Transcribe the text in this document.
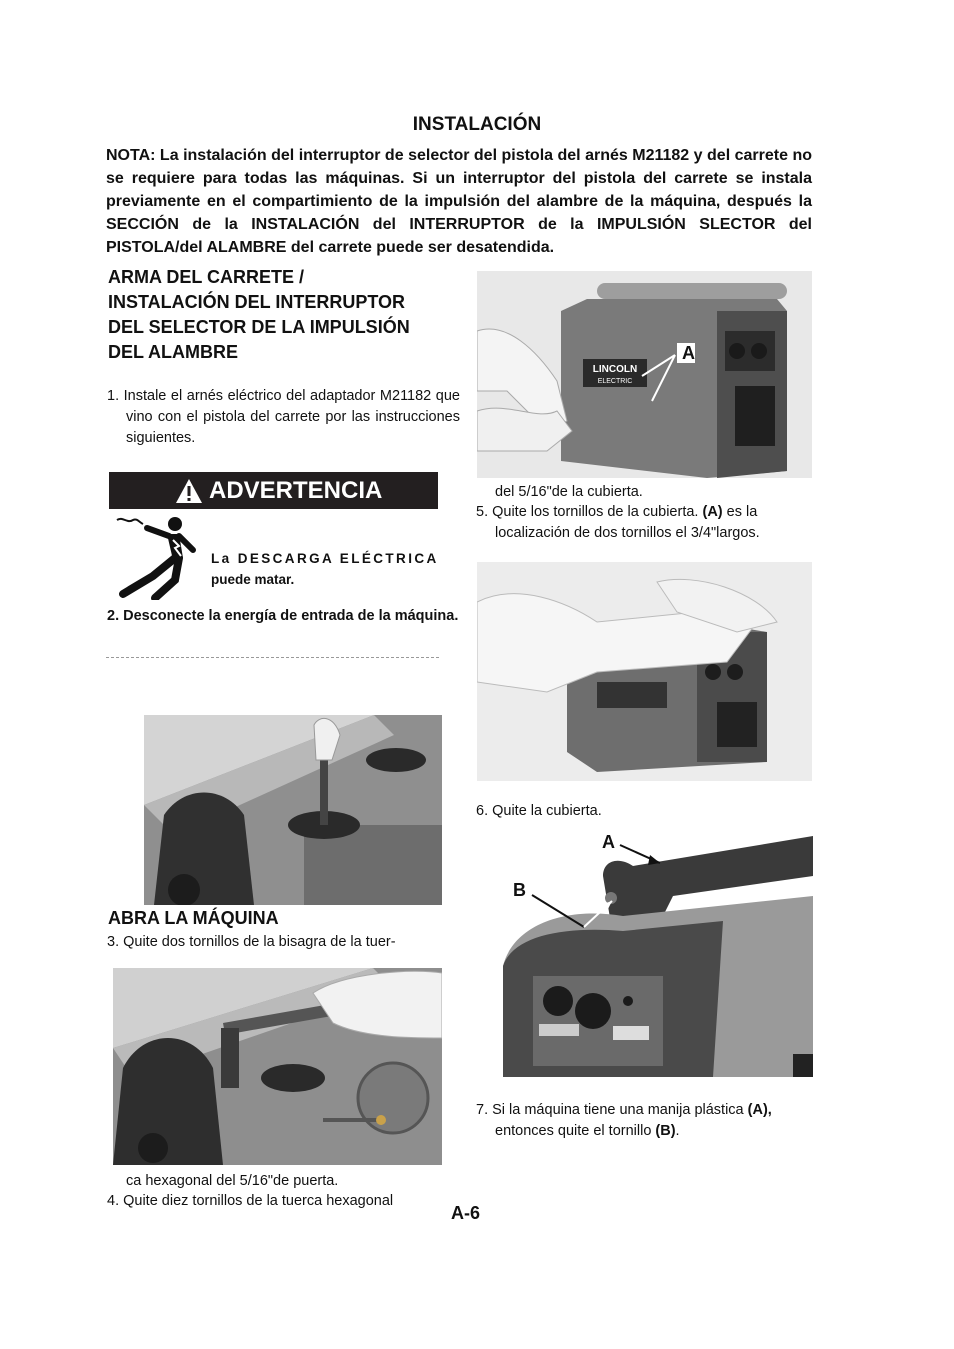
INSTALACIÓN
NOTA: La instalación del interruptor de selector del pistola del arnés M21182 y del carrete no se requiere para todas las máquinas. Si un interruptor del pistola del carrete se instala previamente en el compartimiento de la impulsión del alambre de la máquina, después la SECCIÓN de la INSTALACIÓN del INTERRUPTOR de la IMPULSIÓN SLECTOR del PISTOLA/del ALAMBRE del carrete puede ser desatendida.
ARMA DEL CARRETE /
INSTALACIÓN DEL INTERRUPTOR
DEL SELECTOR DE LA IMPULSIÓN
DEL ALAMBRE
1. Instale el arnés eléctrico del adaptador M21182 que vino con el pistola del carrete por las instrucciones siguientes.
ADVERTENCIA
La DESCARGA ELÉCTRICA
puede matar.
2. Desconecte la energía de entrada de la máquina.
ABRA LA MÁQUINA
3. Quite dos tornillos de la bisagra de la tuer-
ca hexagonal del 5/16"de puerta.
4. Quite diez tornillos de la tuerca hexagonal
LINCOLN
ELECTRIC
A
del 5/16"de la cubierta.
5. Quite los tornillos de la cubierta. (A) es la localización de dos tornillos el 3/4"largos.
6. Quite la cubierta.
A
B
7. Si la máquina tiene una manija plástica (A), entonces quite el tornillo (B).
A-6
